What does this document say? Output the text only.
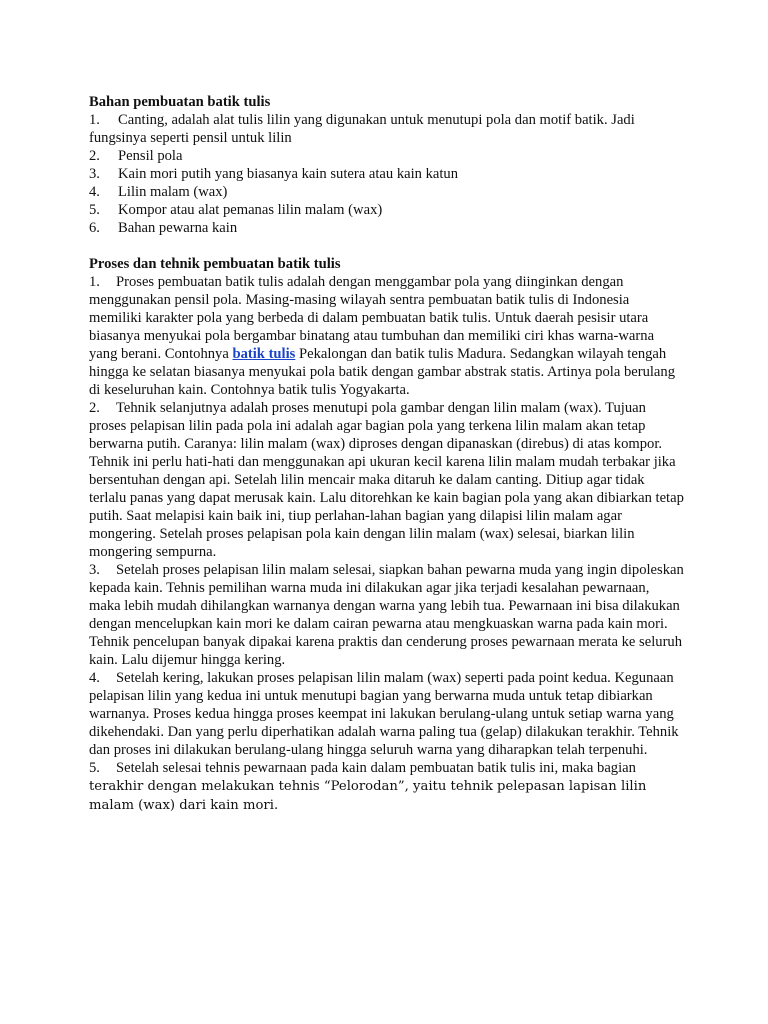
Bahan pembuatan batik tulis

1. Canting, adalah alat tulis lilin yang digunakan untuk menutupi pola dan motif batik. Jadi fungsinya seperti pensil untuk lilin
2. Pensil pola
3. Kain mori putih yang biasanya kain sutera atau kain katun
4. Lilin malam (wax)
5. Kompor atau alat pemanas lilin malam (wax)
6. Bahan pewarna kain

Proses dan tehnik pembuatan batik tulis

1. Proses pembuatan batik tulis adalah dengan menggambar pola yang diinginkan dengan menggunakan pensil pola. Masing-masing wilayah sentra pembuatan batik tulis di Indonesia memiliki karakter pola yang berbeda di dalam pembuatan batik tulis. Untuk daerah pesisir utara biasanya menyukai pola bergambar binatang atau tumbuhan dan memiliki ciri khas warna-warna yang berani. Contohnya batik tulis Pekalongan dan batik tulis Madura. Sedangkan wilayah tengah hingga ke selatan biasanya menyukai pola batik dengan gambar abstrak statis. Artinya pola berulang di keseluruhan kain. Contohnya batik tulis Yogyakarta.

2. Tehnik selanjutnya adalah proses menutupi pola gambar dengan lilin malam (wax). Tujuan proses pelapisan lilin pada pola ini adalah agar bagian pola yang terkena lilin malam akan tetap berwarna putih. Caranya: lilin malam (wax) diproses dengan dipanaskan (direbus) di atas kompor. Tehnik ini perlu hati-hati dan menggunakan api ukuran kecil karena lilin malam mudah terbakar jika bersentuhan dengan api. Setelah lilin mencair maka ditaruh ke dalam canting. Ditiup agar tidak terlalu panas yang dapat merusak kain. Lalu ditorehkan ke kain bagian pola yang akan dibiarkan tetap putih. Saat melapisi kain baik ini, tiup perlahan-lahan bagian yang dilapisi lilin malam agar mongering. Setelah proses pelapisan pola kain dengan lilin malam (wax) selesai, biarkan lilin mongering sempurna.

3. Setelah proses pelapisan lilin malam selesai, siapkan bahan pewarna muda yang ingin dipoleskan kepada kain. Tehnis pemilihan warna muda ini dilakukan agar jika terjadi kesalahan pewarnaan, maka lebih mudah dihilangkan warnanya dengan warna yang lebih tua. Pewarnaan ini bisa dilakukan dengan mencelupkan kain mori ke dalam cairan pewarna atau mengkuaskan warna pada kain mori. Tehnik pencelupan banyak dipakai karena praktis dan cenderung proses pewarnaan merata ke seluruh kain. Lalu dijemur hingga kering.

4. Setelah kering, lakukan proses pelapisan lilin malam (wax) seperti pada point kedua. Kegunaan pelapisan lilin yang kedua ini untuk menutupi bagian yang berwarna muda untuk tetap dibiarkan warnanya. Proses kedua hingga proses keempat ini lakukan berulang-ulang untuk setiap warna yang dikehendaki. Dan yang perlu diperhatikan adalah warna paling tua (gelap) dilakukan terakhir. Tehnik dan proses ini dilakukan berulang-ulang hingga seluruh warna yang diharapkan telah terpenuhi.

5. Setelah selesai tehnis pewarnaan pada kain dalam pembuatan batik tulis ini, maka bagian
terakhir dengan melakukan tehnis “Pelorodan”, yaitu tehnik pelepasan lapisan lilin malam (wax) dari kain mori.
